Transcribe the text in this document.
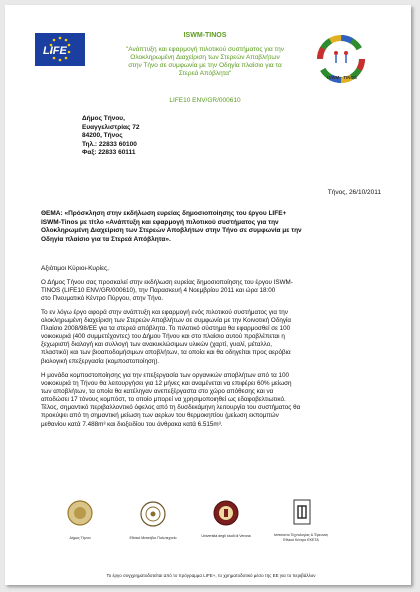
LIFE
ISWM-TINOS
"Ανάπτυξη και εφαρμογή πιλοτικού συστήματος για την
Ολοκληρωμένη Διαχείριση των Στερεών Αποβλήτων
στην Τήνο σε συμφωνία με την Οδηγία πλαίσιο για τα
Στερεά Απόβλητα"
LIFE10 ENV/GR/000610
ISWM - TINOS
Δήμος Τήνου,
Ευαγγελιστρίας 72
84200, Τήνος
Τηλ.: 22833 60100
Φαξ: 22833 60111
Τήνος, 26/10/2011
ΘΕΜΑ: «Πρόσκληση στην εκδήλωση ευρείας δημοσιοποίησης του έργου LIFE+
ISWM-Tinos με τίτλο «Ανάπτυξη και εφαρμογή πιλοτικού συστήματος για την
Ολοκληρωμένη Διαχείριση των Στερεών Αποβλήτων στην Τήνο σε συμφωνία με την
Οδηγία πλαίσιο για τα Στερεά Απόβλητα».
Αξιότιμοι Κύριοι-Κυρίες,
Ο Δήμος Τήνου σας προσκαλεί στην εκδήλωση ευρείας δημοσιοποίησης του έργου ISWM-
TINOS (LIFE10 ENV/GR/000610), την Παρασκευή 4 Νοεμβρίου 2011 και ώρα 18:00
στο Πνευματικό Κέντρο Πύργου, στην Τήνο.
Το εν λόγω έργο αφορά στην ανάπτυξη και εφαρμογή ενός πιλοτικού συστήματος για την
ολοκληρωμένη διαχείριση των Στερεών Αποβλήτων σε συμφωνία με την Κοινοτική Οδηγία
Πλαίσιο 2008/98/ΕΕ για τα στερεά απόβλητα. Το πιλοτικό σύστημα θα εφαρμοσθεί σε 100
νοικοκυριά (400 συμμετέχοντες) του Δήμου Τήνου και στο πλαίσιο αυτού προβλέπεται η
ξεχωριστή διαλογή και συλλογή των ανακυκλώσιμων υλικών (χαρτί, γυαλί, μέταλλο,
πλαστικό) και των βιοαποδομήσιμων αποβλήτων, τα οποία και θα οδηγείται προς αερόβια
βιολογική επεξεργασία (κομποστοποίηση).
Η μονάδα κομποστοποίησης για την επεξεργασία των οργανικών αποβλήτων από τα 100
νοικοκυριά τη Τήνου θα λειτουργήσει για 12 μήνες και αναμένεται να επιφέρει 60% μείωση
των αποβλήτων, τα οποία θα κατέληγαν ανεπεξέργαστα στο χώρο απόθεσης και να
αποδώσει 17 τόνους κομπόστ, το οποίο μπορεί να χρησιμοποιηθεί ως εδαφοβελτιωτικό.
Τέλος, σημαντικό περιβαλλοντικό όφελος από τη δυσδεκάμηνη λειτουργία του συστήματος θα
προκύψει από τη σημαντική μείωση των αερίων του θερμοκηπίου (μείωση εκπομπών
μεθανίου κατά 7.488m³ και διοξειδίου του άνθρακα κατά 6.515m³.
Δήμος Τήνου	Εθνικό Μετσόβιο Πολυτεχνείο	Università degli studi di Verona	Ινστιτούτο Τεχνολογίας & Έρευνας Εθνικό Κέντρο ΕΚΕΤΑ
Το έργο συγχρηματοδοτείται από το πρόγραμμα LIFE+, το χρηματοδοτικό μέσο της ΕΕ για το περιβάλλον
